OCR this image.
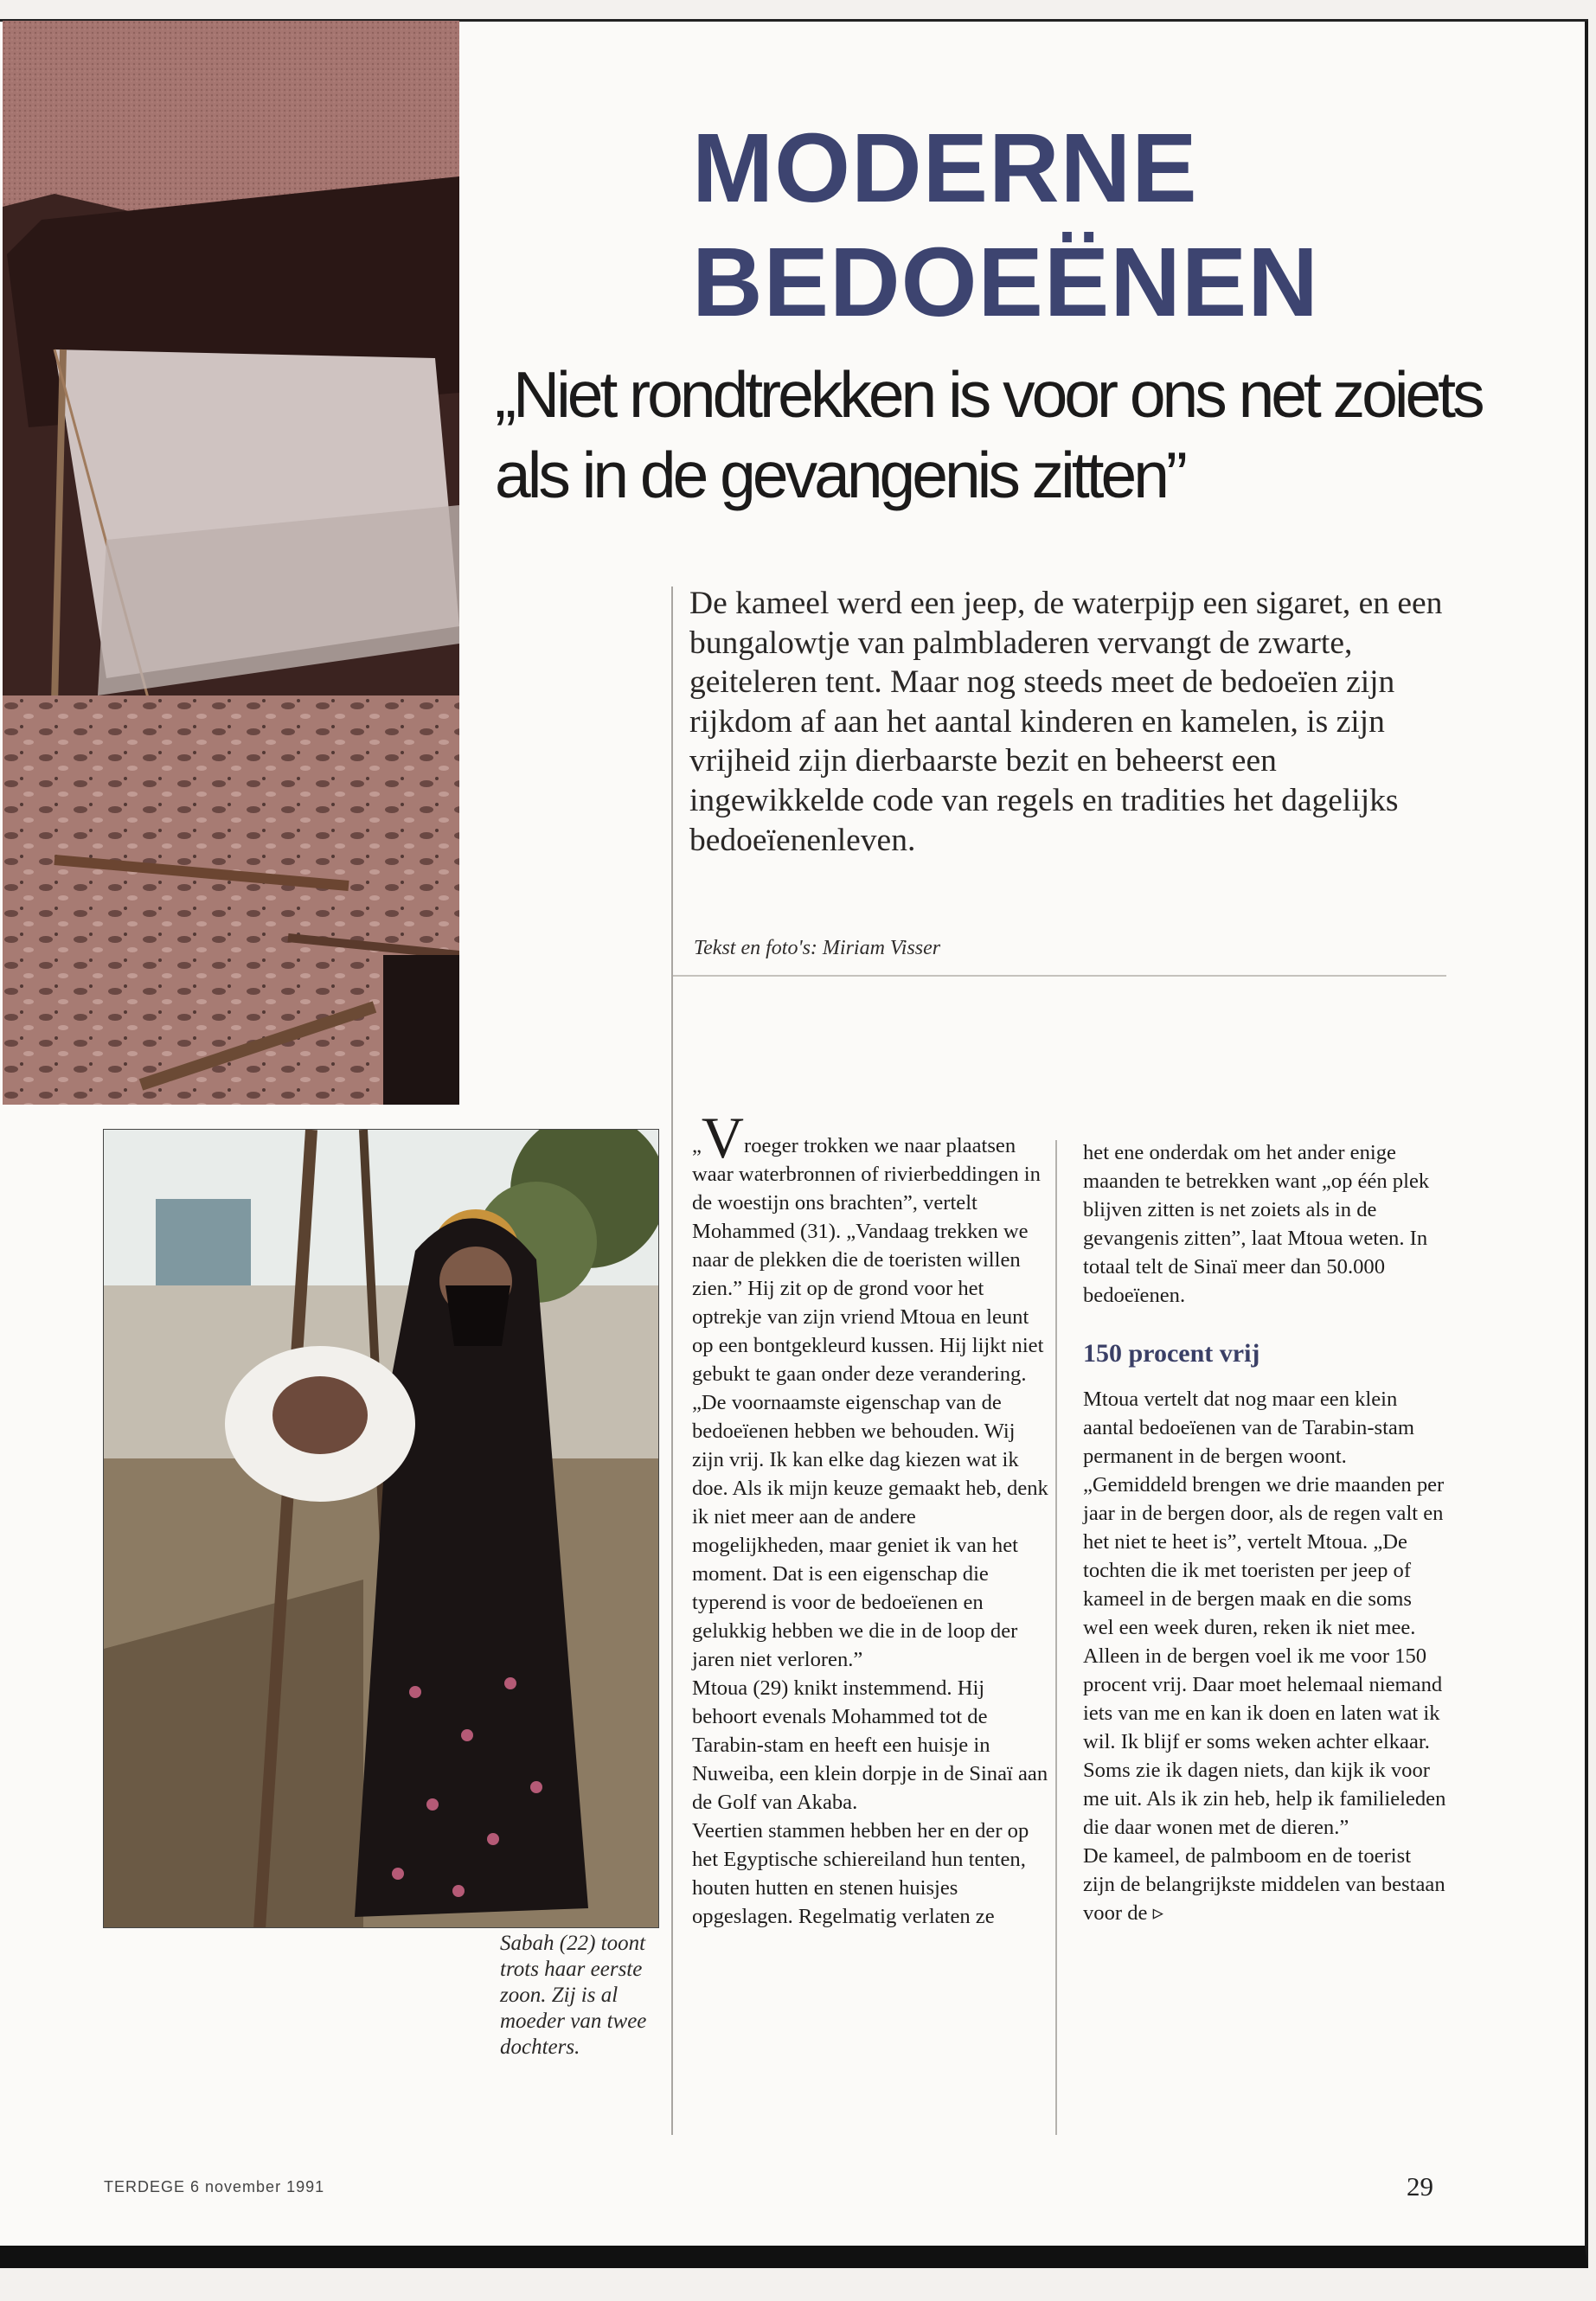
MODERNE
BEDOEËNEN

„Niet rondtrekken is voor ons net zoiets als in de gevangenis zitten”

De kameel werd een jeep, de waterpijp een sigaret, en een bungalowtje van palmbladeren vervangt de zwarte, geiteleren tent. Maar nog steeds meet de bedoeïen zijn rijkdom af aan het aantal kinderen en kamelen, is zijn vrijheid zijn dierbaarste bezit en beheerst een ingewikkelde code van regels en tradities het dagelijks bedoeïenenleven.

Tekst en foto's: Miriam Visser

„Vroeger trokken we naar plaatsen waar waterbronnen of rivierbeddingen in de woestijn ons brachten”, vertelt Mohammed (31). „Vandaag trekken we naar de plekken die de toeristen willen zien.” Hij zit op de grond voor het optrekje van zijn vriend Mtoua en leunt op een bontgekleurd kussen. Hij lijkt niet gebukt te gaan onder deze verandering.

„De voornaamste eigenschap van de bedoeïenen hebben we behouden. Wij zijn vrij. Ik kan elke dag kiezen wat ik doe. Als ik mijn keuze gemaakt heb, denk ik niet meer aan de andere mogelijkheden, maar geniet ik van het moment. Dat is een eigenschap die typerend is voor de bedoeïenen en gelukkig hebben we die in de loop der jaren niet verloren.”

Mtoua (29) knikt instemmend. Hij behoort evenals Mohammed tot de Tarabin-stam en heeft een huisje in Nuweiba, een klein dorpje in de Sinaï aan de Golf van Akaba.

Veertien stammen hebben her en der op het Egyptische schiereiland hun tenten, houten hutten en stenen huisjes opgeslagen. Regelmatig verlaten ze

het ene onderdak om het ander enige maanden te betrekken want „op één plek blijven zitten is net zoiets als in de gevangenis zitten”, laat Mtoua weten. In totaal telt de Sinaï meer dan 50.000 bedoeïenen.

150 procent vrij

Mtoua vertelt dat nog maar een klein aantal bedoeïenen van de Tarabin-stam permanent in de bergen woont. „Gemiddeld brengen we drie maanden per jaar in de bergen door, als de regen valt en het niet te heet is”, vertelt Mtoua. „De tochten die ik met toeristen per jeep of kameel in de bergen maak en die soms wel een week duren, reken ik niet mee.

Alleen in de bergen voel ik me voor 150 procent vrij. Daar moet helemaal niemand iets van me en kan ik doen en laten wat ik wil. Ik blijf er soms weken achter elkaar. Soms zie ik dagen niets, dan kijk ik voor me uit. Als ik zin heb, help ik familieleden die daar wonen met de dieren.”

De kameel, de palmboom en de toerist zijn de belangrijkste middelen van bestaan voor de ▹

Sabah (22) toont trots haar eerste zoon. Zij is al moeder van twee dochters.

TERDEGE 6 november 1991	29
